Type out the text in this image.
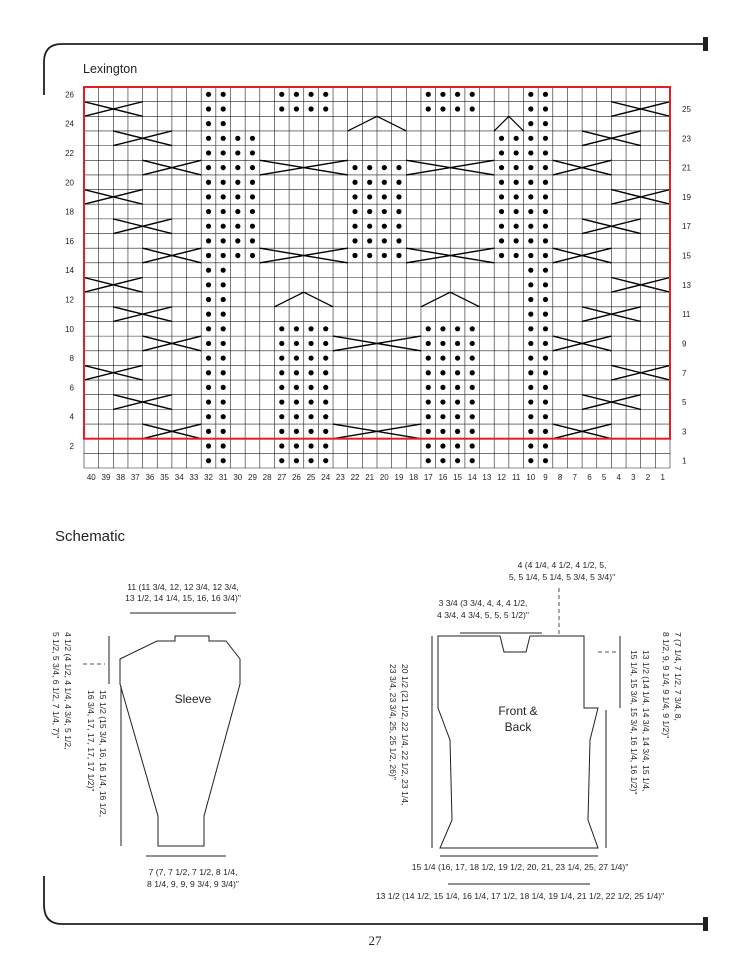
Lexington
40 39 38 37 36 35 34 33 32 31 30 29 28 27 26 25 24 23 22 21 20 19 18 17 16 15 14 13 12 11 10 9 8 7 6 5 4 3 2 1
2
4
6
8
10
12
14
16
18
20
22
24
26
1
3
5
7
9
11
13
15
17
19
21
23
25
Schematic
Sleeve
11 (11 3/4, 12, 12 3/4, 12 3/4,
13 1/2, 14 1/4, 15, 16, 16 3/4)"
4 1/2 (4 1/2, 4 1/4, 4 3/4, 5 1/2,
5 1/2, 5 3/4, 6 1/2, 7 1/4, 7)"
15 1/2 (15 3/4, 16, 16 1/4, 16 1/2,
16 3/4, 17, 17, 17, 17 1/2)"
7 (7, 7 1/2, 7 1/2, 8 1/4,
8 1/4, 9, 9, 9 3/4, 9 3/4)"
Front &
Back
4 (4 1/4, 4 1/2, 4 1/2, 5,
5, 5 1/4, 5 1/4, 5 3/4, 5 3/4)"
3 3/4 (3 3/4, 4, 4, 4 1/2,
4 3/4, 4 3/4, 5, 5, 5 1/2)"
20 1/2 (21 1/2, 22 1/4, 22 1/2, 23 1/4,
23 3/4, 23 3/4, 25, 25 1/2, 26)"	7 (7 1/4, 7 1/2, 7 3/4, 8,
8 1/2, 9, 9 1/4, 9 1/4, 9 1/2)"
13 1/2 (14 1/4, 14 3/4, 14 3/4, 15 1/4,
15 1/4, 15 3/4, 15 3/4, 16 1/4, 16 1/2)"
15 1/4 (16, 17, 18 1/2, 19 1/2, 20, 21, 23 1/4, 25, 27 1/4)"
13 1/2 (14 1/2, 15 1/4, 16 1/4, 17 1/2, 18 1/4, 19 1/4, 21 1/2, 22 1/2, 25 1/4)"
27
